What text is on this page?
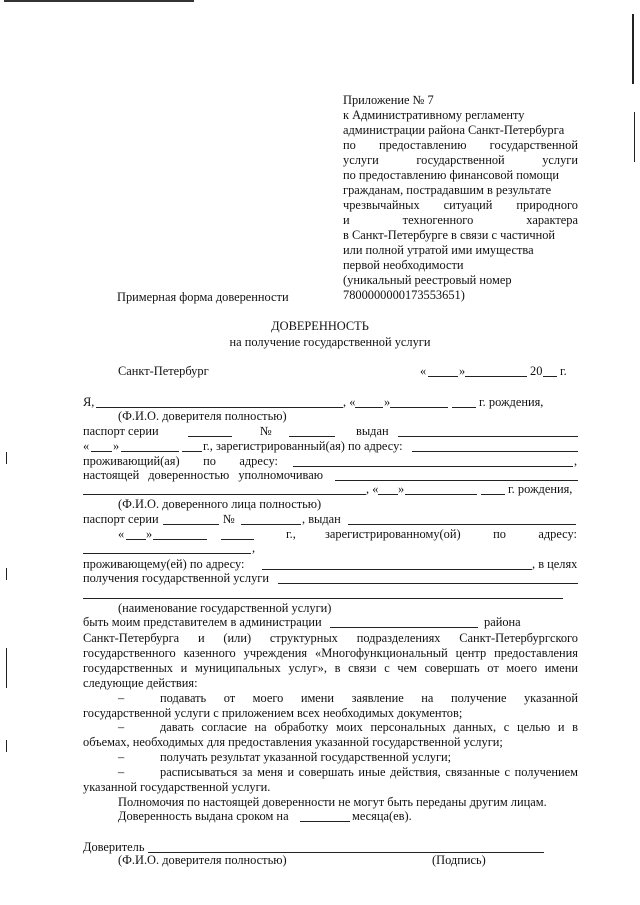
Приложение № 7
к Административному регламенту
администрации района Санкт-Петербурга
по предоставлению государственной
услуги	государственной	услуги
по предоставлению финансовой помощи
гражданам, пострадавшим в результате
чрезвычайных ситуаций природного
и	техногенного	характера
в Санкт-Петербурге в связи с частичной
или полной утратой ими имущества
первой необходимости
(уникальный реестровый номер
7800000000173553651)
Примерная форма доверенности
ДОВЕРЕННОСТЬ
на получение государственной услуги
Санкт-Петербург	«	»	20 г.
Я,	, « »	г. рождения,
(Ф.И.О. доверителя полностью)
паспорт серии	№	выдан
« »	г., зарегистрированный(ая) по адресу:
проживающий(ая) по адресу:	,
настоящей доверенностью уполномочиваю
, « »	г. рождения,
(Ф.И.О. доверенного лица полностью)
паспорт серии	№	, выдан
« »	г., зарегистрированному(ой)	по	адресу:
,
проживающему(ей) по адресу:	, в целях
получения государственной услуги
(наименование государственной услуги)
быть моим представителем в администрации	района
Санкт-Петербурга и (или) структурных подразделениях Санкт-Петербургского
государственного казенного учреждения «Многофункциональный центр предоставления
государственных и муниципальных услуг», в связи с чем совершать от моего имени
следующие действия:
–	подавать от моего имени заявление на получение указанной
государственной услуги с приложением всех необходимых документов;
–	давать согласие на обработку моих персональных данных, с целью и в
объемах, необходимых для предоставления указанной государственной услуги;
–	получать результат указанной государственной услуги;
–	расписываться за меня и совершать иные действия, связанные с получением
указанной государственной услуги.
Полномочия по настоящей доверенности не могут быть переданы другим лицам.
Доверенность выдана сроком на	месяца(ев).
Доверитель
(Ф.И.О. доверителя полностью)	(Подпись)
